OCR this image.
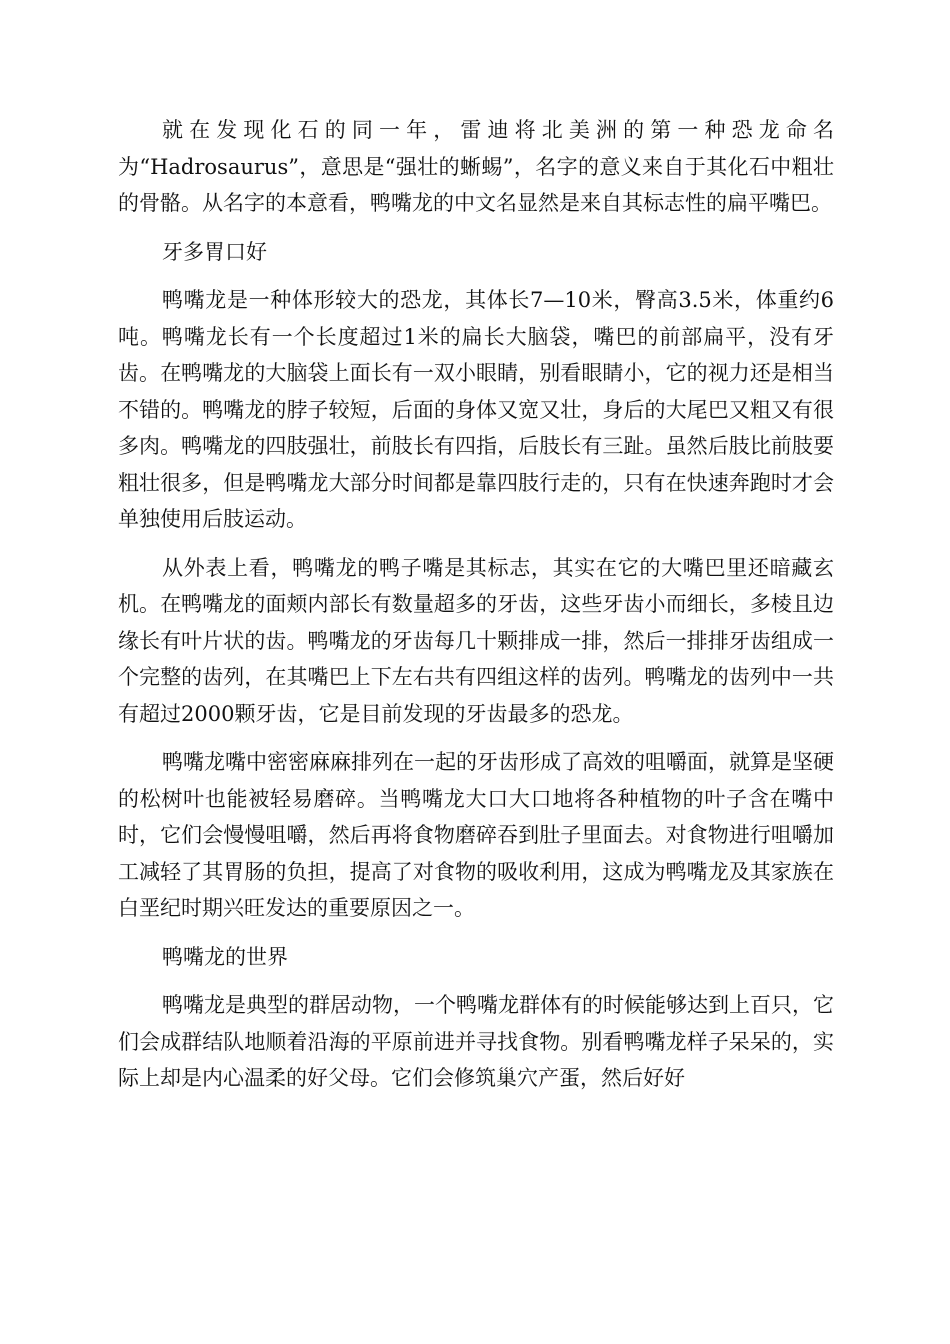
就在发现化石的同一年，雷迪将北美洲的第一种恐龙命名为“Hadrosaurus”，意思是“强壮的蜥蜴”，名字的意义来自于其化石中粗壮的骨骼。从名字的本意看，鸭嘴龙的中文名显然是来自其标志性的扁平嘴巴。

牙多胃口好

鸭嘴龙是一种体形较大的恐龙，其体长7—10米，臀高3.5米，体重约6吨。鸭嘴龙长有一个长度超过1米的扁长大脑袋，嘴巴的前部扁平，没有牙齿。在鸭嘴龙的大脑袋上面长有一双小眼睛，别看眼睛小，它的视力还是相当不错的。鸭嘴龙的脖子较短，后面的身体又宽又壮，身后的大尾巴又粗又有很多肉。鸭嘴龙的四肢强壮，前肢长有四指，后肢长有三趾。虽然后肢比前肢要粗壮很多，但是鸭嘴龙大部分时间都是靠四肢行走的，只有在快速奔跑时才会单独使用后肢运动。

从外表上看，鸭嘴龙的鸭子嘴是其标志，其实在它的大嘴巴里还暗藏玄机。在鸭嘴龙的面颊内部长有数量超多的牙齿，这些牙齿小而细长，多棱且边缘长有叶片状的齿。鸭嘴龙的牙齿每几十颗排成一排，然后一排排牙齿组成一个完整的齿列，在其嘴巴上下左右共有四组这样的齿列。鸭嘴龙的齿列中一共有超过2000颗牙齿，它是目前发现的牙齿最多的恐龙。

鸭嘴龙嘴中密密麻麻排列在一起的牙齿形成了高效的咀嚼面，就算是坚硬的松树叶也能被轻易磨碎。当鸭嘴龙大口大口地将各种植物的叶子含在嘴中时，它们会慢慢咀嚼，然后再将食物磨碎吞到肚子里面去。对食物进行咀嚼加工减轻了其胃肠的负担，提高了对食物的吸收利用，这成为鸭嘴龙及其家族在白垩纪时期兴旺发达的重要原因之一。

鸭嘴龙的世界

鸭嘴龙是典型的群居动物，一个鸭嘴龙群体有的时候能够达到上百只，它们会成群结队地顺着沿海的平原前进并寻找食物。别看鸭嘴龙样子呆呆的，实际上却是内心温柔的好父母。它们会修筑巢穴产蛋，然后好好
